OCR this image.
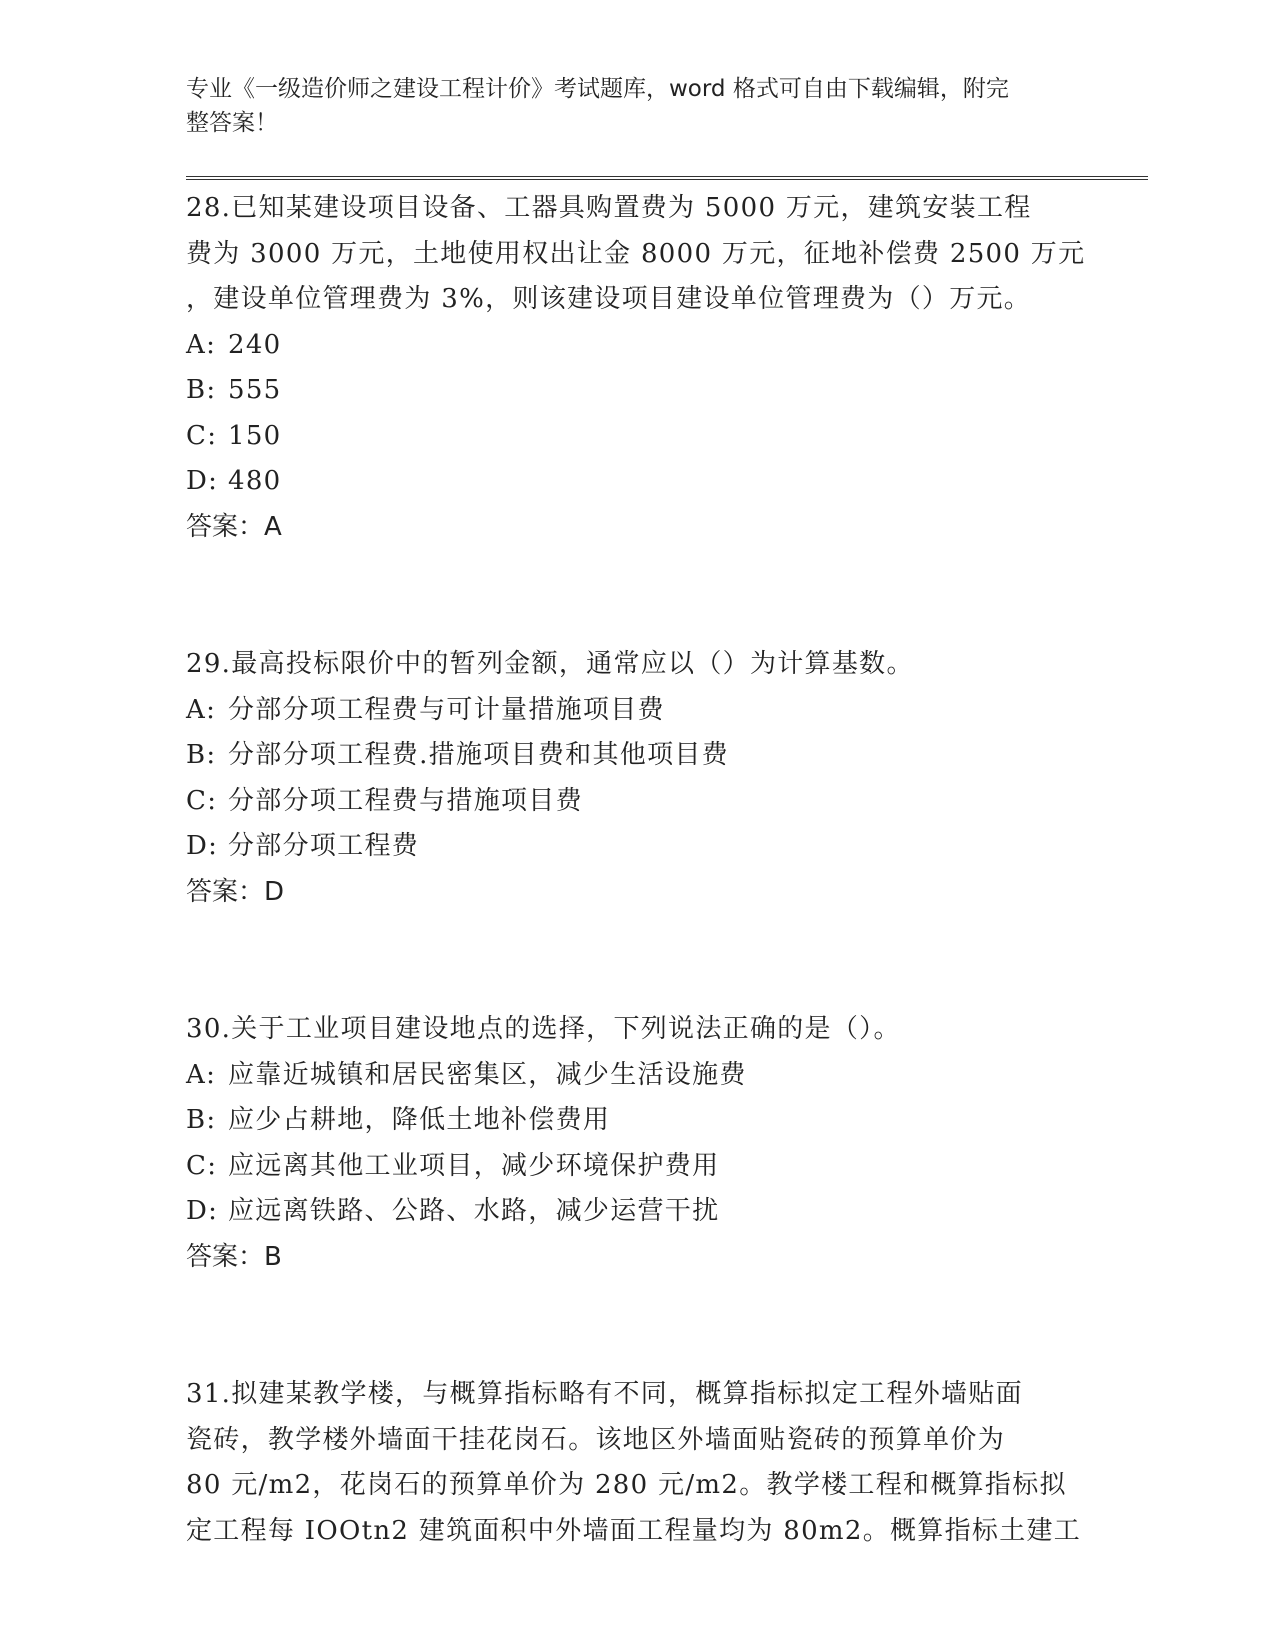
专业《一级造价师之建设工程计价》考试题库，word 格式可自由下载编辑，附完
整答案！

28.已知某建设项目设备、工器具购置费为 5000 万元，建筑安装工程
费为 3000 万元，土地使用权出让金 8000 万元，征地补偿费 2500 万元
，建设单位管理费为 3%，则该建设项目建设单位管理费为（）万元。

A: 240

B: 555

C: 150

D: 480

答案：A

29.最高投标限价中的暂列金额，通常应以（）为计算基数。

A: 分部分项工程费与可计量措施项目费

B: 分部分项工程费.措施项目费和其他项目费

C: 分部分项工程费与措施项目费

D: 分部分项工程费

答案：D

30.关于工业项目建设地点的选择，下列说法正确的是（）。

A: 应靠近城镇和居民密集区，减少生活设施费

B: 应少占耕地，降低土地补偿费用

C: 应远离其他工业项目，减少环境保护费用

D: 应远离铁路、公路、水路，减少运营干扰

答案：B

31.拟建某教学楼，与概算指标略有不同，概算指标拟定工程外墙贴面
瓷砖，教学楼外墙面干挂花岗石。该地区外墙面贴瓷砖的预算单价为
80 元/m2，花岗石的预算单价为 280 元/m2。教学楼工程和概算指标拟
定工程每 IOOtn2 建筑面积中外墙面工程量均为 80m2。概算指标土建工
